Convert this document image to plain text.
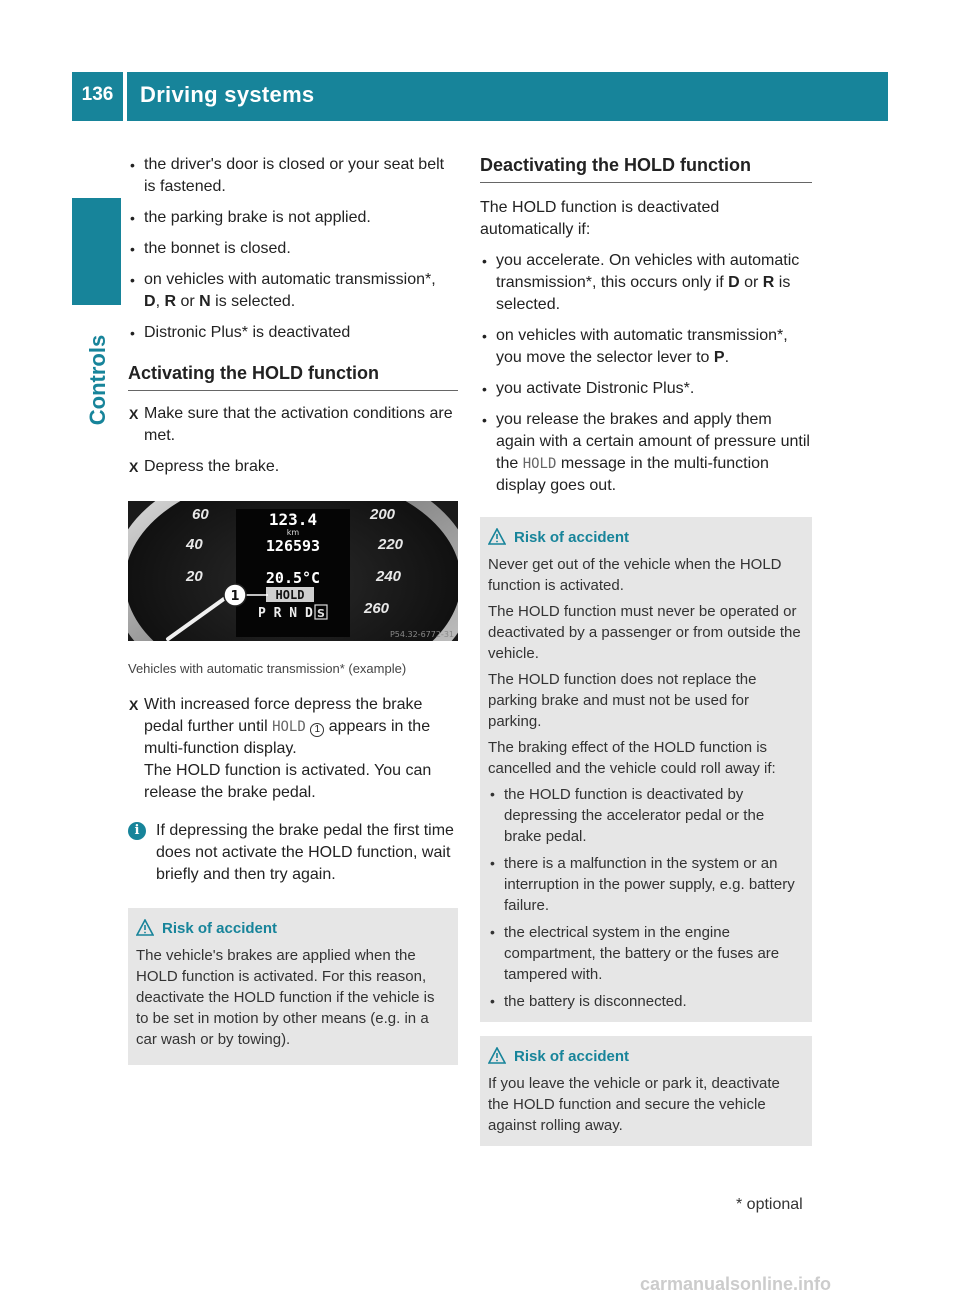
136	Driving systems
Controls
• the driver's door is closed or your seat belt is fastened.
• the parking brake is not applied.
• the bonnet is closed.
• on vehicles with automatic transmission*,
D, R or N is selected.
• Distronic Plus* is deactivated
Activating the HOLD function
X Make sure that the activation conditions are met.
X Depress the brake.
60
40
20
200
220
240
260
123.4
km
126593
20.5°C
HOLD
P R N D S
1
P54.32-6772-31
Vehicles with automatic transmission* (example)
X With increased force depress the brake pedal further until HOLD 1 appears in the multi-function display.
The HOLD function is activated. You can release the brake pedal.
i	If depressing the brake pedal the first time does not activate the HOLD function, wait briefly and then try again.
Risk of accident

The vehicle's brakes are applied when the HOLD function is activated. For this reason, deactivate the HOLD function if the vehicle is to be set in motion by other means (e.g. in a car wash or by towing).

Deactivating the HOLD function

The HOLD function is deactivated automatically if:

• you accelerate. On vehicles with automatic transmission*, this occurs only if D or R is selected.
• on vehicles with automatic transmission*, you move the selector lever to P.
• you activate Distronic Plus*.
• you release the brakes and apply them again with a certain amount of pressure until the HOLD message in the multi-function display goes out.
Risk of accident

Never get out of the vehicle when the HOLD function is activated.

The HOLD function must never be operated or deactivated by a passenger or from outside the vehicle.

The HOLD function does not replace the parking brake and must not be used for parking.

The braking effect of the HOLD function is cancelled and the vehicle could roll away if:

• the HOLD function is deactivated by depressing the accelerator pedal or the brake pedal.
• there is a malfunction in the system or an interruption in the power supply, e.g. battery failure.
• the electrical system in the engine compartment, the battery or the fuses are tampered with.
• the battery is disconnected.
Risk of accident

If you leave the vehicle or park it, deactivate the HOLD function and secure the vehicle against rolling away.

* optional
carmanualsonline.info
